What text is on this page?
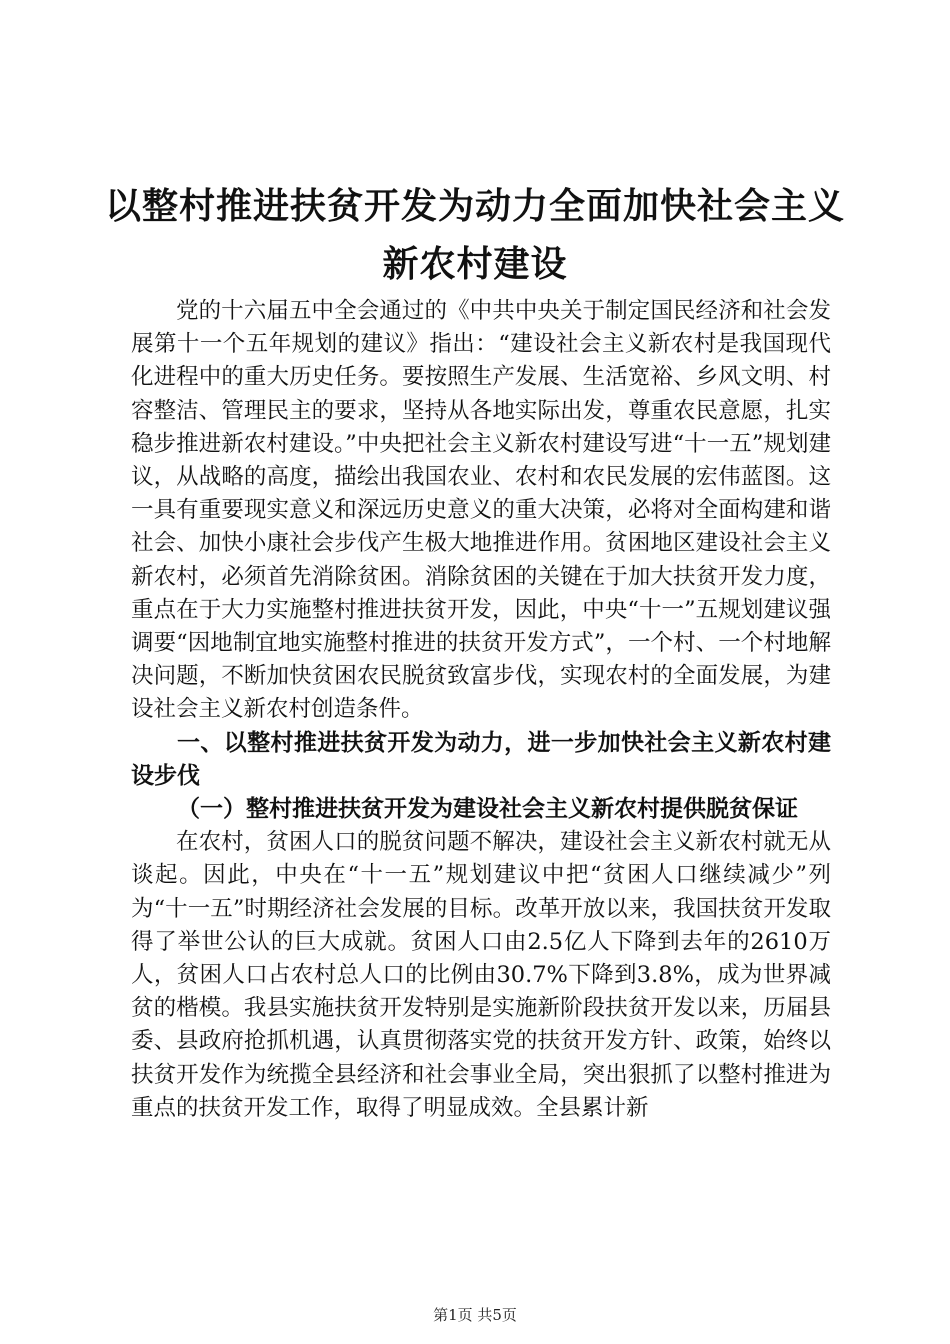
以整村推进扶贫开发为动力全面加快社会主义新农村建设

党的十六届五中全会通过的《中共中央关于制定国民经济和社会发展第十一个五年规划的建议》指出：“建设社会主义新农村是我国现代化进程中的重大历史任务。要按照生产发展、生活宽裕、乡风文明、村容整洁、管理民主的要求，坚持从各地实际出发，尊重农民意愿，扎实稳步推进新农村建设。”中央把社会主义新农村建设写进“十一五”规划建议，从战略的高度，描绘出我国农业、农村和农民发展的宏伟蓝图。这一具有重要现实意义和深远历史意义的重大决策，必将对全面构建和谐社会、加快小康社会步伐产生极大地推进作用。贫困地区建设社会主义新农村，必须首先消除贫困。消除贫困的关键在于加大扶贫开发力度，重点在于大力实施整村推进扶贫开发，因此，中央“十一”五规划建议强调要“因地制宜地实施整村推进的扶贫开发方式”，一个村、一个村地解决问题，不断加快贫困农民脱贫致富步伐，实现农村的全面发展，为建设社会主义新农村创造条件。

一、以整村推进扶贫开发为动力，进一步加快社会主义新农村建设步伐

（一）整村推进扶贫开发为建设社会主义新农村提供脱贫保证

在农村，贫困人口的脱贫问题不解决，建设社会主义新农村就无从谈起。因此，中央在“十一五”规划建议中把“贫困人口继续减少”列为“十一五”时期经济社会发展的目标。改革开放以来，我国扶贫开发取得了举世公认的巨大成就。贫困人口由2.5亿人下降到去年的2610万人，贫困人口占农村总人口的比例由30.7%下降到3.8%，成为世界减贫的楷模。我县实施扶贫开发特别是实施新阶段扶贫开发以来，历届县委、县政府抢抓机遇，认真贯彻落实党的扶贫开发方针、政策，始终以扶贫开发作为统揽全县经济和社会事业全局，突出狠抓了以整村推进为重点的扶贫开发工作，取得了明显成效。全县累计新

第1页 共5页
